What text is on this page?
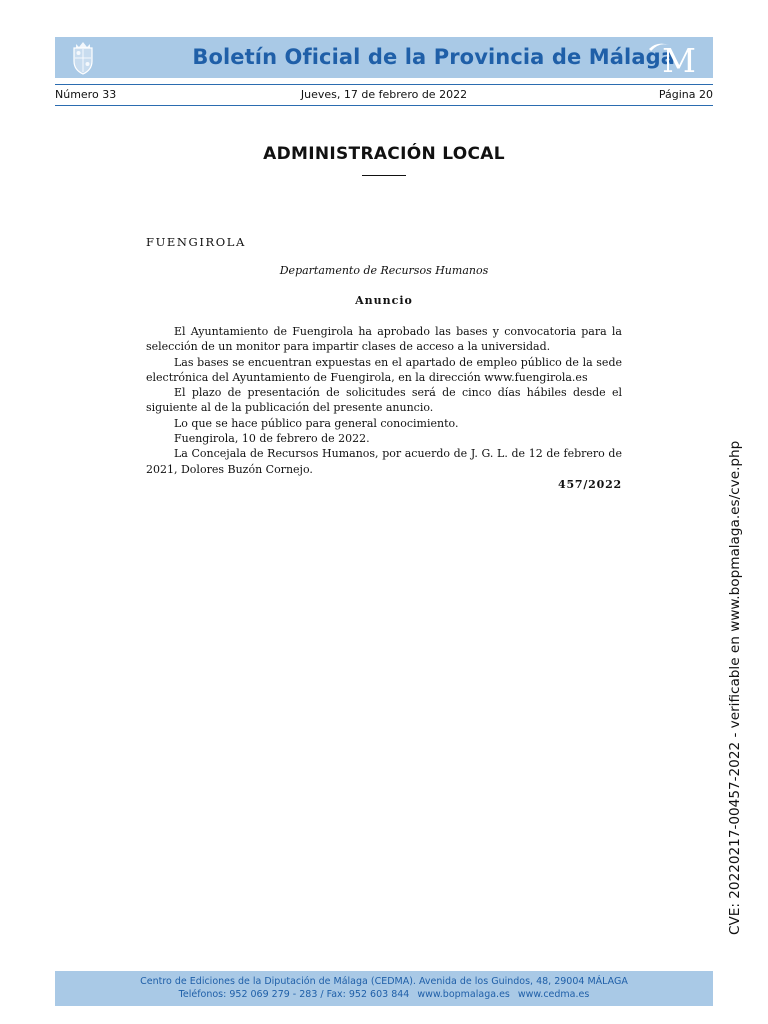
Boletín Oficial de la Provincia de Málaga
M
Número 33	Jueves, 17 de febrero de 2022	Página 20
ADMINISTRACIÓN LOCAL
FUENGIROLA
Departamento de Recursos Humanos
Anuncio

El Ayuntamiento de Fuengirola ha aprobado las bases y convocatoria para la selección de un monitor para impartir clases de acceso a la universidad.

Las bases se encuentran expuestas en el apartado de empleo público de la sede electrónica del Ayuntamiento de Fuengirola, en la dirección www.fuengirola.es

El plazo de presentación de solicitudes será de cinco días hábiles desde el siguiente al de la publicación del presente anuncio.

Lo que se hace público para general conocimiento.

Fuengirola, 10 de febrero de 2022.

La Concejala de Recursos Humanos, por acuerdo de J. G. L. de 12 de febrero de 2021, Dolores Buzón Cornejo.

457/2022	CVE: 20220217-00457-2022 - verificable en www.bopmalaga.es/cve.php
Centro de Ediciones de la Diputación de Málaga (CEDMA). Avenida de los Guindos, 48, 29004 MÁLAGA
Teléfonos: 952 069 279 - 283 / Fax: 952 603 844 www.bopmalaga.es www.cedma.es
